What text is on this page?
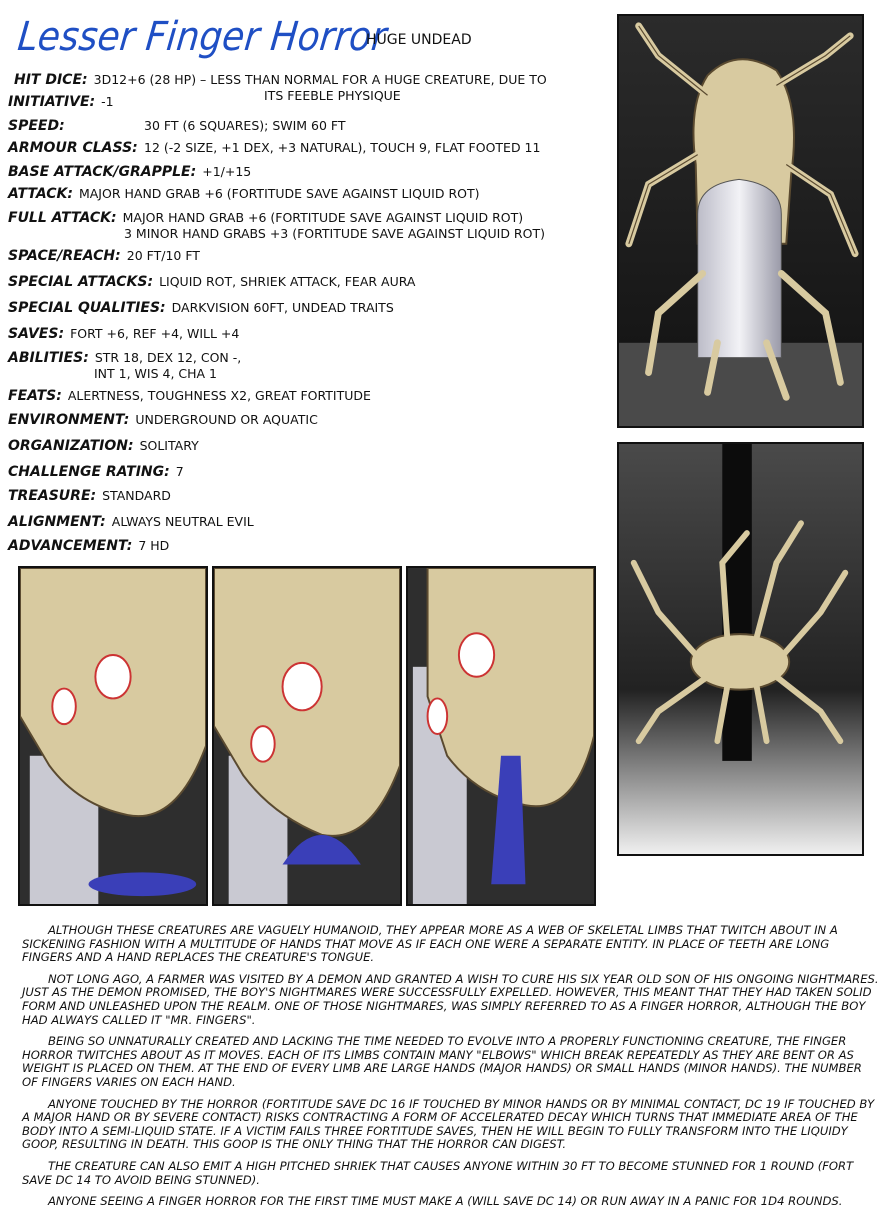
Lesser Finger Horror
HUGE UNDEAD
HIT DICE: 3D12+6 (28 HP) – LESS THAN NORMAL FOR A HUGE CREATURE, DUE TO
ITS FEEBLE PHYSIQUE
INITIATIVE: -1
SPEED:	30 FT (6 SQUARES); SWIM 60 FT
ARMOUR CLASS: 12 (-2 SIZE, +1 DEX, +3 NATURAL), TOUCH 9, FLAT FOOTED 11
BASE ATTACK/GRAPPLE: +1/+15
ATTACK: MAJOR HAND GRAB +6 (FORTITUDE SAVE AGAINST LIQUID ROT)
FULL ATTACK: MAJOR HAND GRAB +6 (FORTITUDE SAVE AGAINST LIQUID ROT)
3 MINOR HAND GRABS +3 (FORTITUDE SAVE AGAINST LIQUID ROT)
SPACE/REACH: 20 FT/10 FT
SPECIAL ATTACKS: LIQUID ROT, SHRIEK ATTACK, FEAR AURA
SPECIAL QUALITIES: DARKVISION 60FT, UNDEAD TRAITS
SAVES: FORT +6, REF +4, WILL +4
ABILITIES: STR 18, DEX 12, CON -,
INT 1, WIS 4, CHA 1
FEATS: ALERTNESS, TOUGHNESS X2, GREAT FORTITUDE
ENVIRONMENT: UNDERGROUND OR AQUATIC
ORGANIZATION: SOLITARY
CHALLENGE RATING: 7
TREASURE: STANDARD
ALIGNMENT: ALWAYS NEUTRAL EVIL
ADVANCEMENT: 7 HD

ALTHOUGH THESE CREATURES ARE VAGUELY HUMANOID, THEY APPEAR MORE AS A WEB OF SKELETAL LIMBS THAT TWITCH ABOUT IN A SICKENING FASHION WITH A MULTITUDE OF HANDS THAT MOVE AS IF EACH ONE WERE A SEPARATE ENTITY. IN PLACE OF TEETH ARE LONG FINGERS AND A HAND REPLACES THE CREATURE'S TONGUE.

NOT LONG AGO, A FARMER WAS VISITED BY A DEMON AND GRANTED A WISH TO CURE HIS SIX YEAR OLD SON OF HIS ONGOING NIGHTMARES. JUST AS THE DEMON PROMISED, THE BOY'S NIGHTMARES WERE SUCCESSFULLY EXPELLED. HOWEVER, THIS MEANT THAT THEY HAD TAKEN SOLID FORM AND UNLEASHED UPON THE REALM. ONE OF THOSE NIGHTMARES, WAS SIMPLY REFERRED TO AS A FINGER HORROR, ALTHOUGH THE BOY HAD ALWAYS CALLED IT "MR. FINGERS".

BEING SO UNNATURALLY CREATED AND LACKING THE TIME NEEDED TO EVOLVE INTO A PROPERLY FUNCTIONING CREATURE, THE FINGER HORROR TWITCHES ABOUT AS IT MOVES. EACH OF ITS LIMBS CONTAIN MANY "ELBOWS" WHICH BREAK REPEATEDLY AS THEY ARE BENT OR AS WEIGHT IS PLACED ON THEM. AT THE END OF EVERY LIMB ARE LARGE HANDS (MAJOR HANDS) OR SMALL HANDS (MINOR HANDS). THE NUMBER OF FINGERS VARIES ON EACH HAND.

ANYONE TOUCHED BY THE HORROR (FORTITUDE SAVE DC 16 IF TOUCHED BY MINOR HANDS OR BY MINIMAL CONTACT, DC 19 IF TOUCHED BY A MAJOR HAND OR BY SEVERE CONTACT) RISKS CONTRACTING A FORM OF ACCELERATED DECAY WHICH TURNS THAT IMMEDIATE AREA OF THE BODY INTO A SEMI-LIQUID STATE. IF A VICTIM FAILS THREE FORTITUDE SAVES, THEN HE WILL BEGIN TO FULLY TRANSFORM INTO THE LIQUIDY GOOP, RESULTING IN DEATH. THIS GOOP IS THE ONLY THING THAT THE HORROR CAN DIGEST.

THE CREATURE CAN ALSO EMIT A HIGH PITCHED SHRIEK THAT CAUSES ANYONE WITHIN 30 FT TO BECOME STUNNED FOR 1 ROUND (FORT SAVE DC 14 TO AVOID BEING STUNNED).

ANYONE SEEING A FINGER HORROR FOR THE FIRST TIME MUST MAKE A (WILL SAVE DC 14) OR RUN AWAY IN A PANIC FOR 1D4 ROUNDS.
